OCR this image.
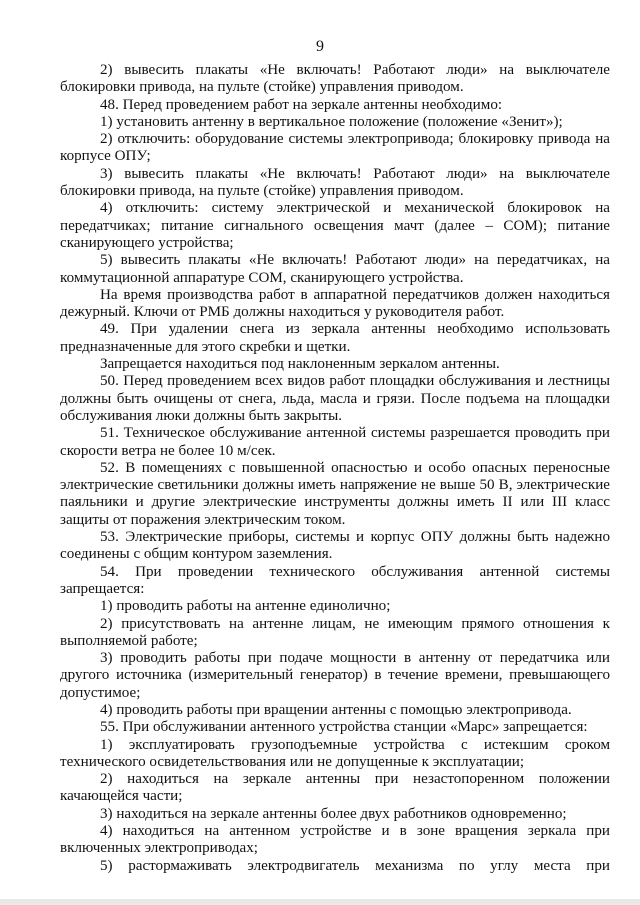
9

2) вывесить плакаты «Не включать! Работают люди» на выключателе блокировки привода, на пульте (стойке) управления приводом.

48. Перед проведением работ на зеркале антенны необходимо:

1) установить антенну в вертикальное положение (положение «Зенит»);

2) отключить: оборудование системы электропривода; блокировку привода на корпусе ОПУ;

3) вывесить плакаты «Не включать! Работают люди» на выключателе блокировки привода, на пульте (стойке) управления приводом.

4) отключить: систему электрической и механической блокировок на передатчиках; питание сигнального освещения мачт (далее – СОМ); питание сканирующего устройства;

5) вывесить плакаты «Не включать! Работают люди» на передатчиках, на коммутационной аппаратуре СОМ, сканирующего устройства.

На время производства работ в аппаратной передатчиков должен находиться дежурный. Ключи от РМБ должны находиться у руководителя работ.

49. При удалении снега из зеркала антенны необходимо использовать предназначенные для этого скребки и щетки.

Запрещается находиться под наклоненным зеркалом антенны.

50. Перед проведением всех видов работ площадки обслуживания и лестницы должны быть очищены от снега, льда, масла и грязи. После подъема на площадки обслуживания люки должны быть закрыты.

51. Техническое обслуживание антенной системы разрешается проводить при скорости ветра не более 10 м/сек.

52. В помещениях с повышенной опасностью и особо опасных переносные электрические светильники должны иметь напряжение не выше 50 В, электрические паяльники и другие электрические инструменты должны иметь II или III класс защиты от поражения электрическим током.

53. Электрические приборы, системы и корпус ОПУ должны быть надежно соединены с общим контуром заземления.

54. При проведении технического обслуживания антенной системы запрещается:

1) проводить работы на антенне единолично;

2) присутствовать на антенне лицам, не имеющим прямого отношения к выполняемой работе;

3) проводить работы при подаче мощности в антенну от передатчика или другого источника (измерительный генератор) в течение времени, превышающего допустимое;

4) проводить работы при вращении антенны с помощью электропривода.

55. При обслуживании антенного устройства станции «Марс» запрещается:

1) эксплуатировать грузоподъемные устройства с истекшим сроком технического освидетельствования или не допущенные к эксплуатации;

2) находиться на зеркале антенны при незастопоренном положении качающейся части;

3) находиться на зеркале антенны более двух работников одновременно;

4) находиться на антенном устройстве и в зоне вращения зеркала при включенных электроприводах;

5) растормаживать электродвигатель механизма по углу места при
